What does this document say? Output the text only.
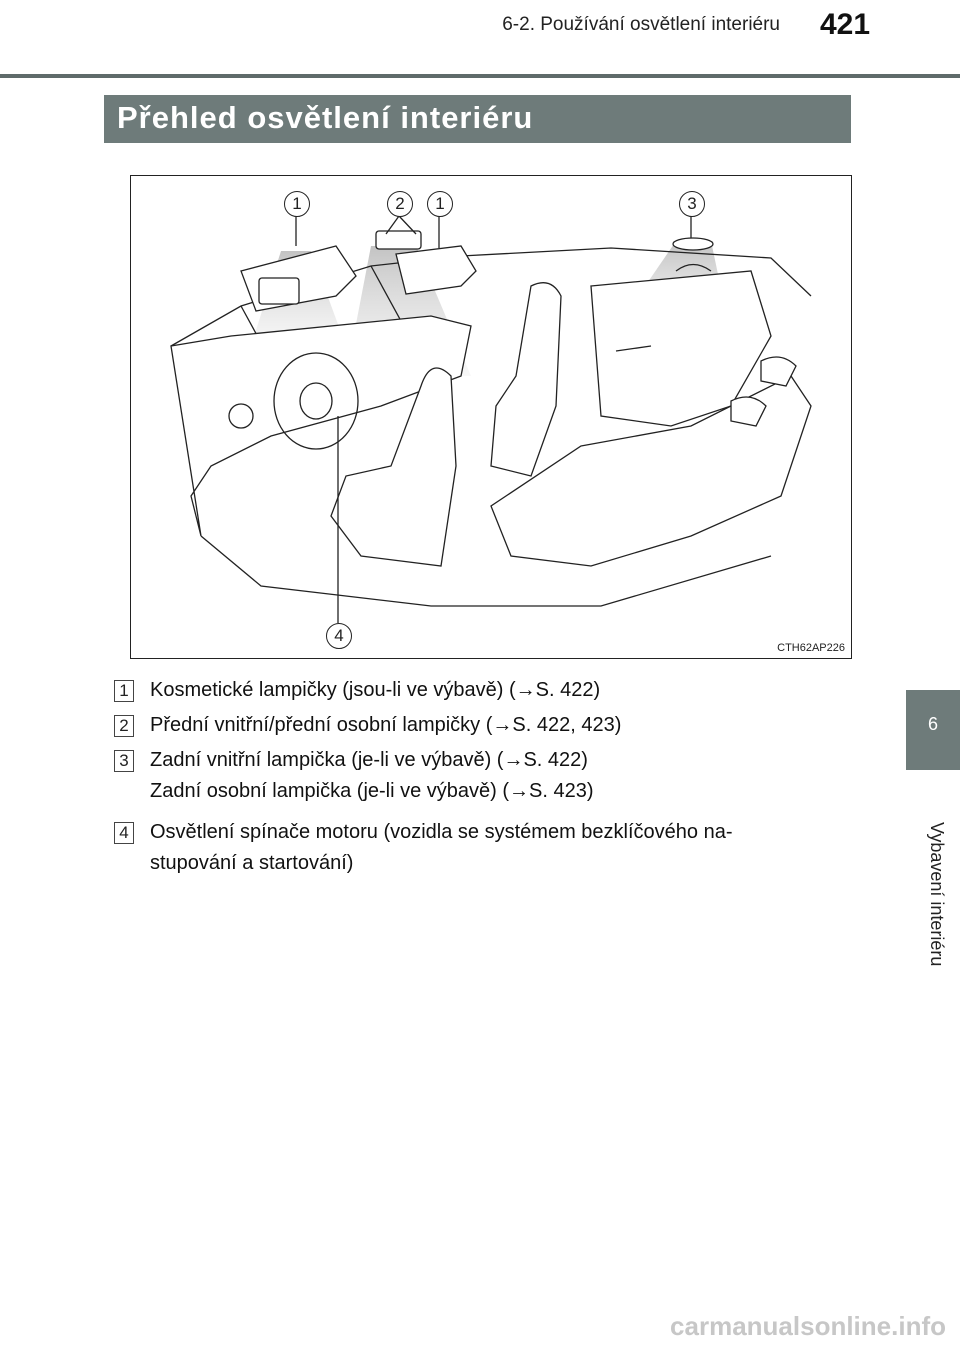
6-2. Používání osvětlení interiéru 421
Přehled osvětlení interiéru
1	2	1	3
4
CTH62AP226
1 Kosmetické lampičky (jsou-li ve výbavě) (→S. 422)
2 Přední vnitřní/přední osobní lampičky (→S. 422, 423)
3 Zadní vnitřní lampička (je-li ve výbavě) (→S. 422)
Zadní osobní lampička (je-li ve výbavě) (→S. 423)
4 Osvětlení spínače motoru (vozidla se systémem bezklíčového na-
stupování a startování)
6
Vybavení interiéru
carmanualsonline.info
